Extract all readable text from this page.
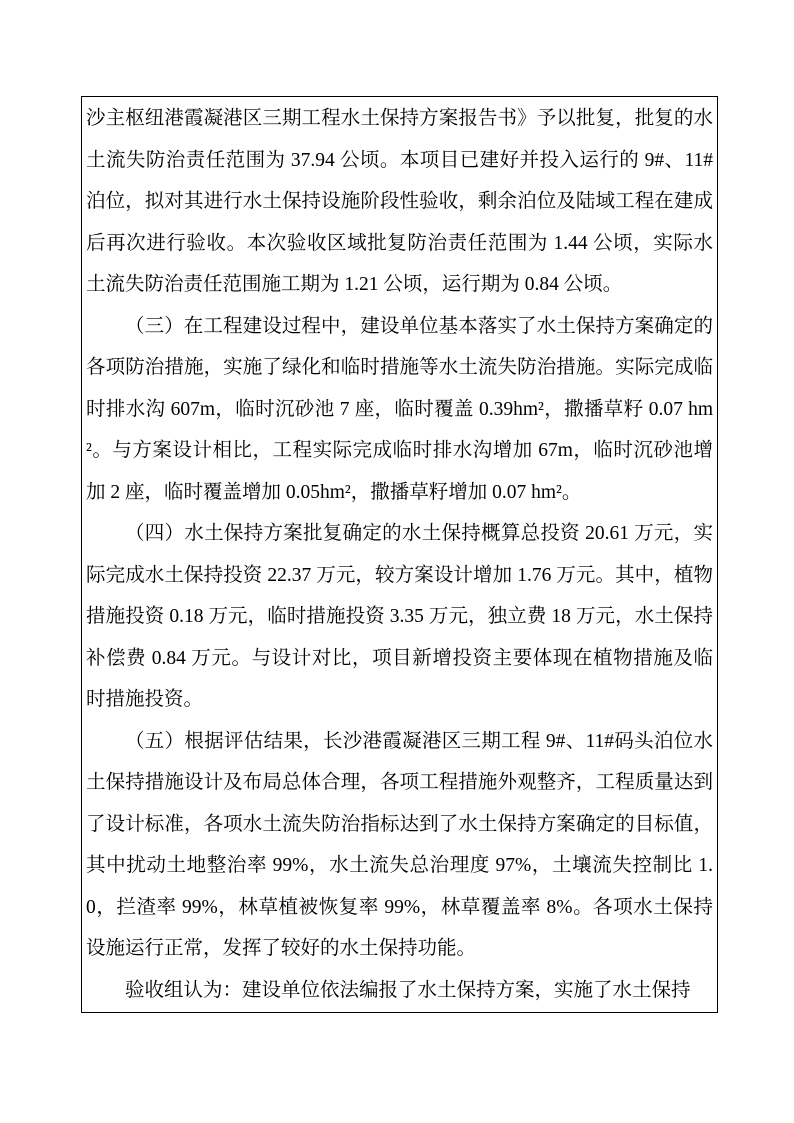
沙主枢纽港霞凝港区三期工程水土保持方案报告书》予以批复，批复的水土流失防治责任范围为 37.94 公顷。本项目已建好并投入运行的 9#、11#泊位，拟对其进行水土保持设施阶段性验收，剩余泊位及陆域工程在建成后再次进行验收。本次验收区域批复防治责任范围为 1.44 公顷，实际水土流失防治责任范围施工期为 1.21 公顷，运行期为 0.84 公顷。

（三）在工程建设过程中，建设单位基本落实了水土保持方案确定的各项防治措施，实施了绿化和临时措施等水土流失防治措施。实际完成临时排水沟 607m，临时沉砂池 7 座，临时覆盖 0.39hm²，撒播草籽 0.07 hm²。与方案设计相比，工程实际完成临时排水沟增加 67m，临时沉砂池增加 2 座，临时覆盖增加 0.05hm²，撒播草籽增加 0.07 hm²。

（四）水土保持方案批复确定的水土保持概算总投资 20.61 万元，实际完成水土保持投资 22.37 万元，较方案设计增加 1.76 万元。其中，植物措施投资 0.18 万元，临时措施投资 3.35 万元，独立费 18 万元，水土保持补偿费 0.84 万元。与设计对比，项目新增投资主要体现在植物措施及临时措施投资。

（五）根据评估结果，长沙港霞凝港区三期工程 9#、11#码头泊位水土保持措施设计及布局总体合理，各项工程措施外观整齐，工程质量达到了设计标准，各项水土流失防治指标达到了水土保持方案确定的目标值，其中扰动土地整治率 99%，水土流失总治理度 97%，土壤流失控制比 1.0，拦渣率 99%，林草植被恢复率 99%，林草覆盖率 8%。各项水土保持设施运行正常，发挥了较好的水土保持功能。

验收组认为：建设单位依法编报了水土保持方案，实施了水土保持
